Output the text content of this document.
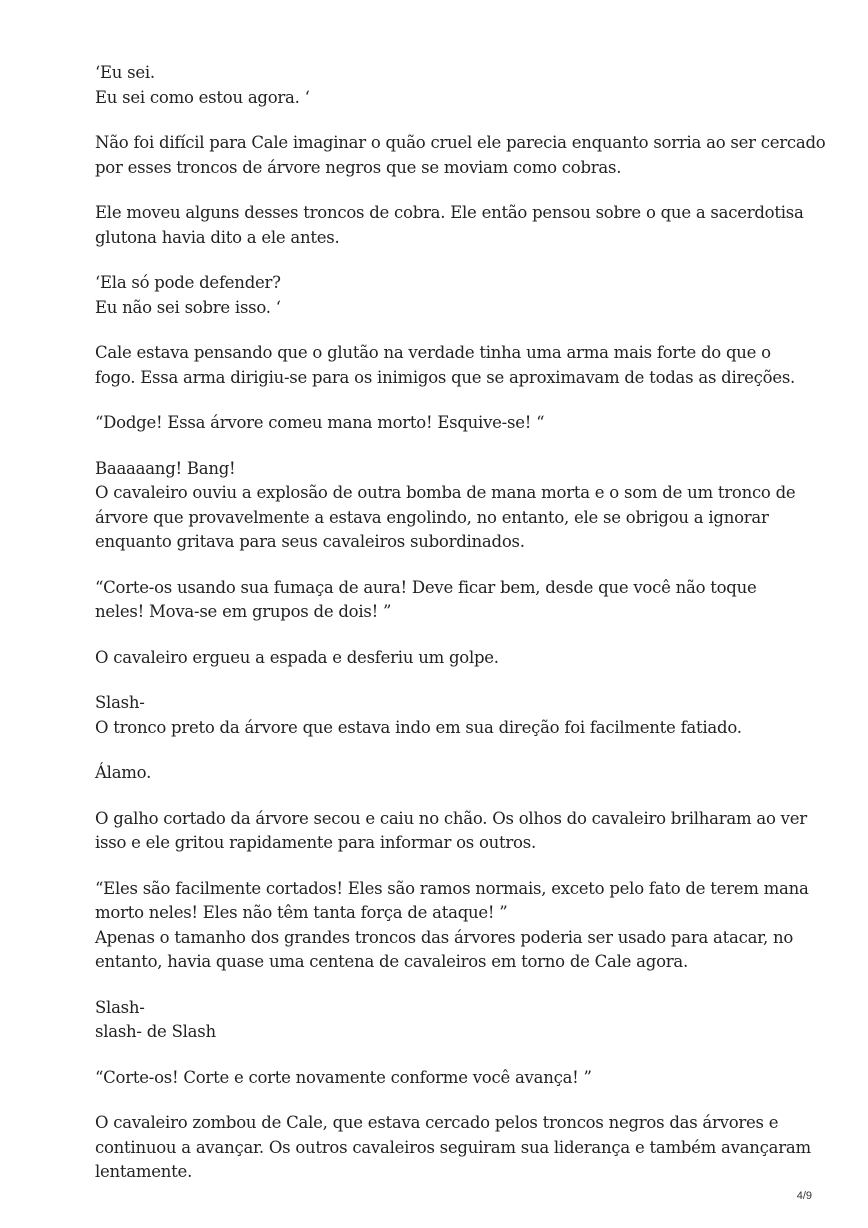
‘Eu sei.
Eu sei como estou agora. ‘

Não foi difícil para Cale imaginar o quão cruel ele parecia enquanto sorria ao ser cercado
por esses troncos de árvore negros que se moviam como cobras.

Ele moveu alguns desses troncos de cobra. Ele então pensou sobre o que a sacerdotisa
glutona havia dito a ele antes.

‘Ela só pode defender?
Eu não sei sobre isso. ‘

Cale estava pensando que o glutão na verdade tinha uma arma mais forte do que o
fogo. Essa arma dirigiu-se para os inimigos que se aproximavam de todas as direções.

“Dodge! Essa árvore comeu mana morto! Esquive-se! “

Baaaaang! Bang!
O cavaleiro ouviu a explosão de outra bomba de mana morta e o som de um tronco de
árvore que provavelmente a estava engolindo, no entanto, ele se obrigou a ignorar
enquanto gritava para seus cavaleiros subordinados.

“Corte-os usando sua fumaça de aura! Deve ficar bem, desde que você não toque
neles! Mova-se em grupos de dois! ”

O cavaleiro ergueu a espada e desferiu um golpe.

Slash-
O tronco preto da árvore que estava indo em sua direção foi facilmente fatiado.

Álamo.

O galho cortado da árvore secou e caiu no chão. Os olhos do cavaleiro brilharam ao ver
isso e ele gritou rapidamente para informar os outros.

“Eles são facilmente cortados! Eles são ramos normais, exceto pelo fato de terem mana
morto neles! Eles não têm tanta força de ataque! ”
Apenas o tamanho dos grandes troncos das árvores poderia ser usado para atacar, no
entanto, havia quase uma centena de cavaleiros em torno de Cale agora.

Slash-
slash- de Slash

“Corte-os! Corte e corte novamente conforme você avança! ”

O cavaleiro zombou de Cale, que estava cercado pelos troncos negros das árvores e
continuou a avançar. Os outros cavaleiros seguiram sua liderança e também avançaram
lentamente.

4/9
